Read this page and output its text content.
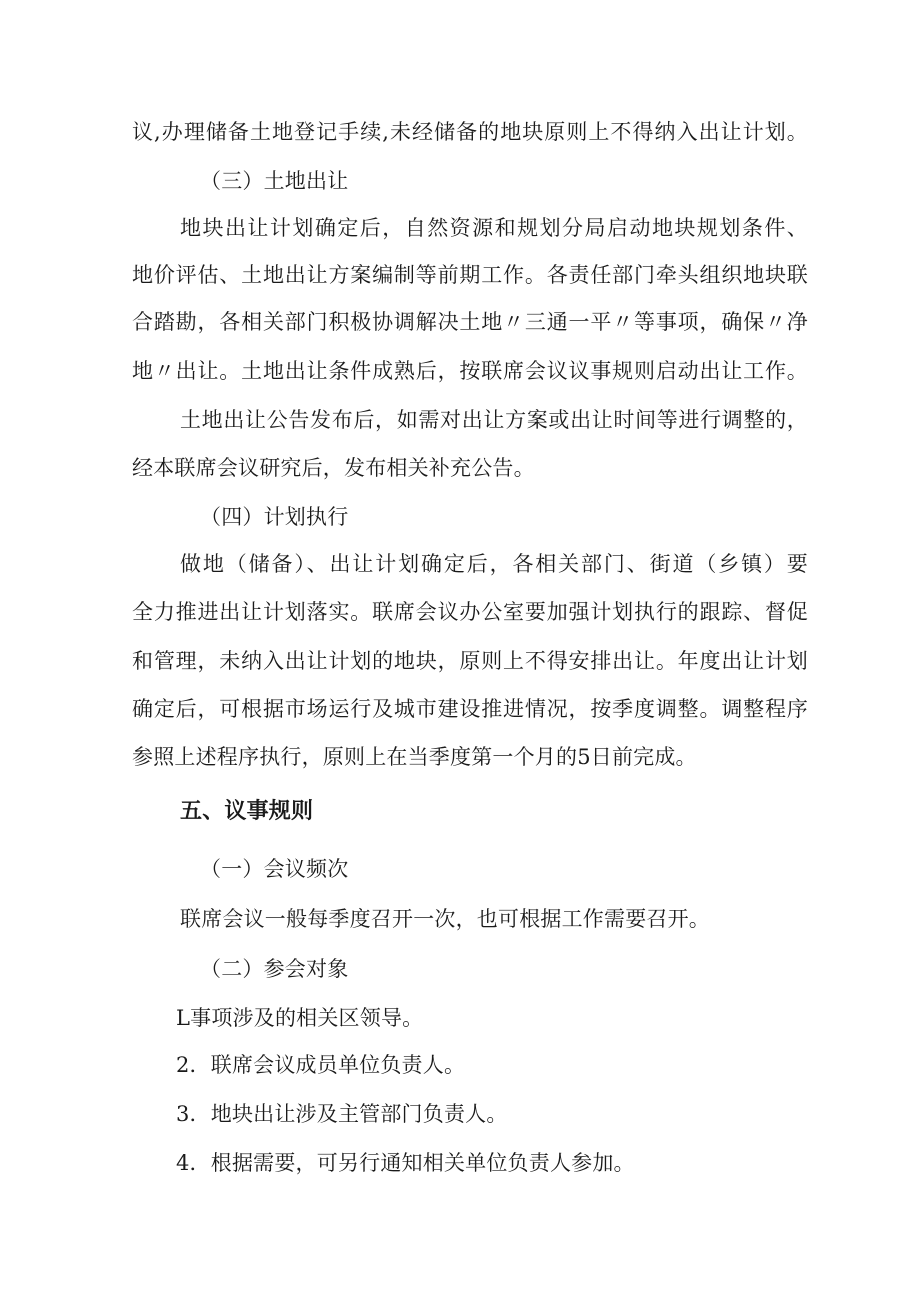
议,办理储备土地登记手续,未经储备的地块原则上不得纳入出让计划。
（三）土地出让
地块出让计划确定后，自然资源和规划分局启动地块规划条件、
地价评估、土地出让方案编制等前期工作。各责任部门牵头组织地块联
合踏勘，各相关部门积极协调解决土地〃三通一平〃等事项，确保〃净
地〃出让。土地出让条件成熟后，按联席会议议事规则启动出让工作。
土地出让公告发布后，如需对出让方案或出让时间等进行调整的，
经本联席会议研究后，发布相关补充公告。
（四）计划执行
做地（储备）、出让计划确定后，各相关部门、街道（乡镇）要
全力推进出让计划落实。联席会议办公室要加强计划执行的跟踪、督促
和管理，未纳入出让计划的地块，原则上不得安排出让。年度出让计划
确定后，可根据市场运行及城市建设推进情况，按季度调整。调整程序
参照上述程序执行，原则上在当季度第一个月的5日前完成。
五、议事规则
（一）会议频次
联席会议一般每季度召开一次，也可根据工作需要召开。
（二）参会对象
L事项涉及的相关区领导。
2．联席会议成员单位负责人。
3．地块出让涉及主管部门负责人。
4．根据需要，可另行通知相关单位负责人参加。
